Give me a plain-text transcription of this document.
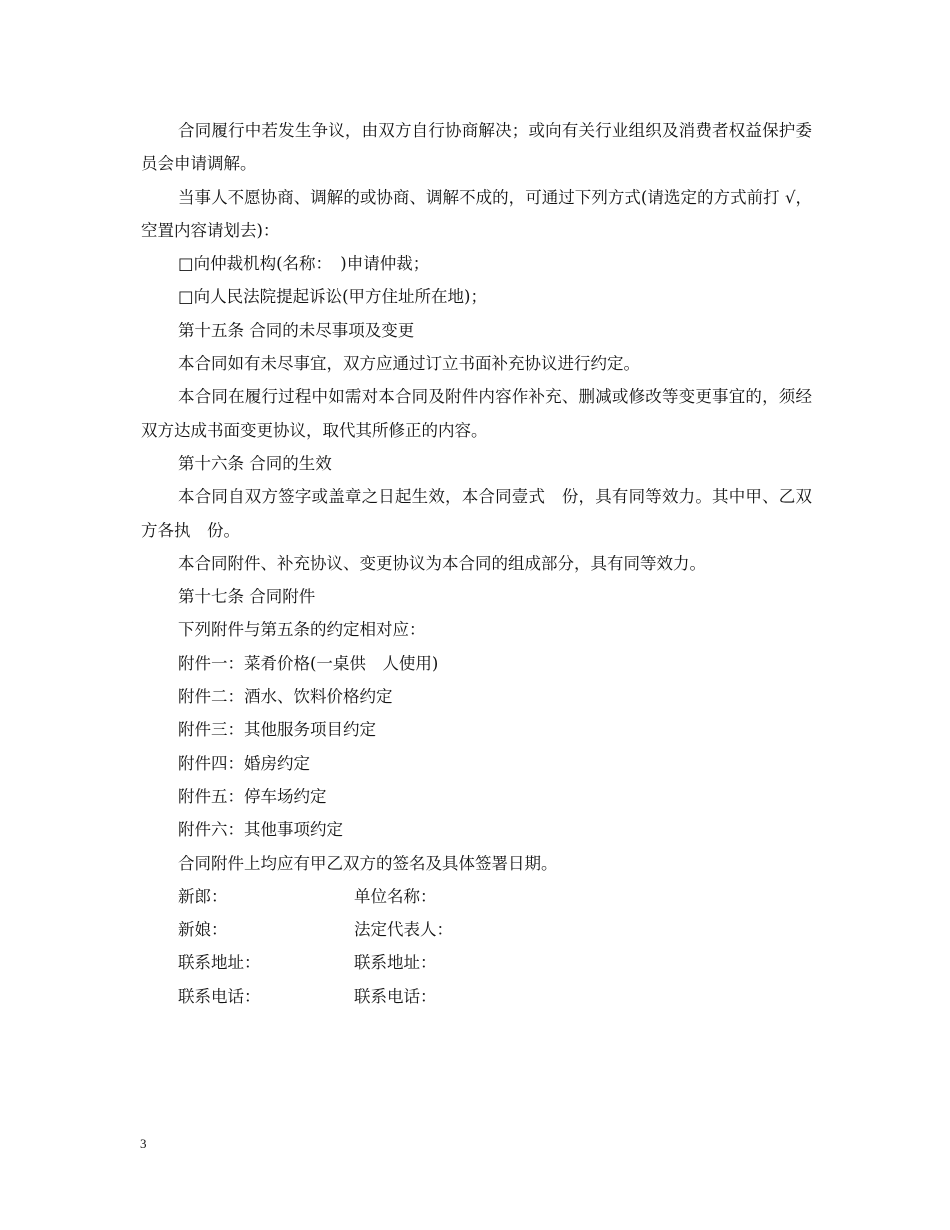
合同履行中若发生争议，由双方自行协商解决；或向有关行业组织及消费者权益保护委员会申请调解。

当事人不愿协商、调解的或协商、调解不成的，可通过下列方式(请选定的方式前打 √，空置内容请划去)：

□向仲裁机构(名称：　)申请仲裁；

□向人民法院提起诉讼(甲方住址所在地)；

第十五条 合同的未尽事项及变更

本合同如有未尽事宜，双方应通过订立书面补充协议进行约定。

本合同在履行过程中如需对本合同及附件内容作补充、删减或修改等变更事宜的，须经双方达成书面变更协议，取代其所修正的内容。

第十六条 合同的生效

本合同自双方签字或盖章之日起生效，本合同壹式　份，具有同等效力。其中甲、乙双方各执　份。

本合同附件、补充协议、变更协议为本合同的组成部分，具有同等效力。

第十七条 合同附件

下列附件与第五条的约定相对应：

附件一：菜肴价格(一桌供　人使用)

附件二：酒水、饮料价格约定

附件三：其他服务项目约定

附件四：婚房约定

附件五：停车场约定

附件六：其他事项约定

合同附件上均应有甲乙双方的签名及具体签署日期。

新郎：	单位名称：
新娘：	法定代表人：
联系地址：	联系地址：
联系电话：	联系电话：
3
